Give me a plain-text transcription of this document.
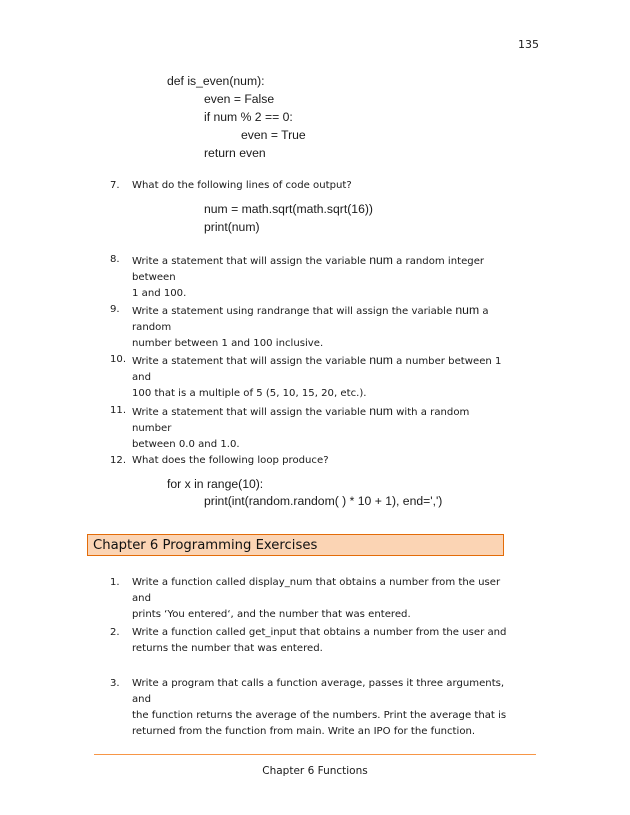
135
def is_even(num):
even = False
if num % 2 == 0:
even = True
return even
7.	What do the following lines of code output?
num = math.sqrt(math.sqrt(16))
print(num)
8.	Write a statement that will assign the variable num a random integer between
1 and 100.
9.	Write a statement using randrange that will assign the variable num a random
number between 1 and 100 inclusive.
10. Write a statement that will assign the variable num a number between 1 and
100 that is a multiple of 5 (5, 10, 15, 20, etc.).
11. Write a statement that will assign the variable num with a random number
between 0.0 and 1.0.
12. What does the following loop produce?
for x in range(10):
print(int(random.random( ) * 10 + 1), end=',')
Chapter 6 Programming Exercises
1.	Write a function called display_num that obtains a number from the user and
prints ‘You entered‘, and the number that was entered.
2.	Write a function called get_input that obtains a number from the user and
returns the number that was entered.
3.	Write a program that calls a function average, passes it three arguments, and
the function returns the average of the numbers. Print the average that is
returned from the function from main. Write an IPO for the function.
Chapter 6 Functions
